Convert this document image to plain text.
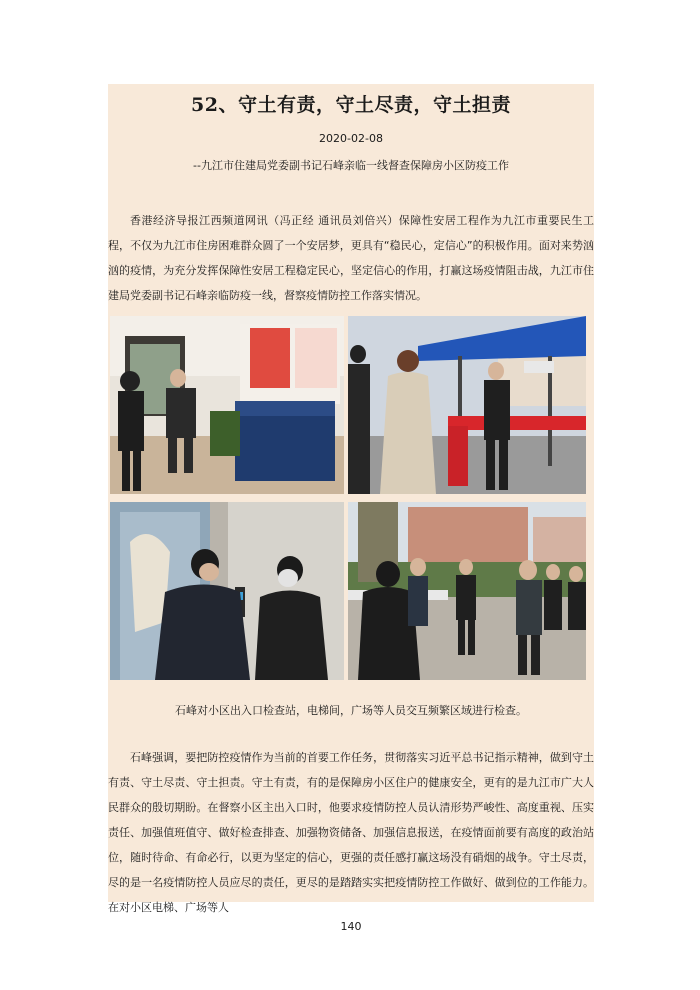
52、守土有责，守土尽责，守土担责
2020-02-08
--九江市住建局党委副书记石峰亲临一线督查保障房小区防疫工作

香港经济导报江西频道网讯（冯正经 通讯员刘倍兴）保障性安居工程作为九江市重要民生工程，不仅为九江市住房困难群众圆了一个安居梦，更具有“稳民心，定信心”的积极作用。面对来势汹汹的疫情，为充分发挥保障性安居工程稳定民心，坚定信心的作用，打赢这场疫情阻击战，九江市住建局党委副书记石峰亲临防疫一线，督察疫情防控工作落实情况。

石峰对小区出入口检查站，电梯间，广场等人员交互频繁区域进行检查。

石峰强调，要把防控疫情作为当前的首要工作任务，贯彻落实习近平总书记指示精神，做到守土有责、守土尽责、守土担责。守土有责，有的是保障房小区住户的健康安全，更有的是九江市广大人民群众的殷切期盼。在督察小区主出入口时，他要求疫情防控人员认清形势严峻性、高度重视、压实责任、加强值班值守、做好检查排查、加强物资储备、加强信息报送，在疫情面前要有高度的政治站位，随时待命、有命必行，以更为坚定的信心，更强的责任感打赢这场没有硝烟的战争。守土尽责，尽的是一名疫情防控人员应尽的责任，更尽的是踏踏实实把疫情防控工作做好、做到位的工作能力。在对小区电梯、广场等人

140
